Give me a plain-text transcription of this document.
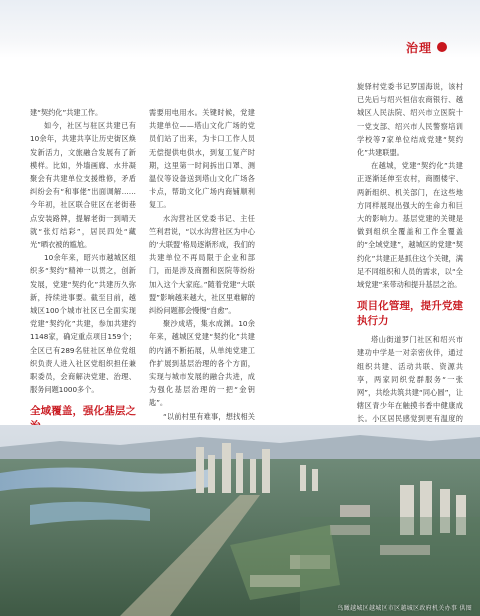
治理

建“契约化”共建工作。

如今，社区与驻区共建已有10余年，共建共享让历史街区焕发新活力，文旅融合发展有了新模样。比如，外墙画廊、水井凝聚会有共建单位支援维修，矛盾纠纷会有“和事佬”出面调解……今年初，社区联合驻区在老街巷点安装路牌，提解老街一到晴天就“张灯结彩”，居民四处“藏光”晒衣被的尴尬。

10余年来，昭兴市越城区组织多“契约”精神一以贯之，创新发展，党建“契约化”共建历久弥新，持续进事要。截至目前，越城区100个城市社区已全面实现党建“契约化”共建，参加共建约1148家，确定重点项目159个；全区已有289名驻社区单位党组织负责人进入社区党组织担任兼职委员，会商解决党建、治理、服务问题1000多个。

全域覆盖，强化基层之

需要用电用水。关键时候，党建共建单位——塔山文化广场的党员们站了出来，为卡口工作人员无偿提供电供水，到复工复产时期，这里第一时间拆出口罩、测温仪等设备送到塔山文化广场各卡点，帮助文化广场内商铺顺利复工。

水沟营社区党委书记、主任竺利君说，“以水沟营社区为中心的‘大联盟’格局逐渐形成，我们的共建单位不再局限于企业和部门，而是涉及商圈和医院等纷纷加入这个大家庭。”随着党建“大联盟”影响越来越大，社区里难解的纠纷问题都会慢慢“自愈”。

聚沙成塔，集水成渊。10余年来，越城区党建“契约化”共建的内涵不断拓展，从单纯党建工作扩展到基层治理的各个方面，实现与城市发展的融合共进，成为强化基层治理的一把“金钥匙”。

“以前村里有难事，想找相关

旋驿村党委书记罗国海说，该村已先后与绍兴恒信农商银行、越城区人民法院、绍兴市立医院十一党支部、绍兴市人民警察培训学校等7家单位结成党建“契约化”共建联盟。

在越城，党建“契约化”共建正逐渐延伸至农村，商圈楼宇、两新组织、机关部门，在这些地方同样展现出强大的生命力和巨大的影响力。基层党建的关键是做到组织全覆盖和工作全覆盖的“全域党建”，越城区的党建“契约化”共建正是抓住这个关键，满足不同组织和人员的需求，以“全域党建”来带动和提升基层之治。

项目化管理，提升党建执行力

塔山街道罗门社区和绍兴市建功中学是一对亲密伙伴，通过组织共建、活动共联、资源共享，两家同织党群服务“一张网”，共绘共筑共建“同心圆”，让辖区青少年在触摸书香中健康成长。小区居民感觉到更有温度的

鸟瞰越城区越城区市区越城区政府机关办事 供图
